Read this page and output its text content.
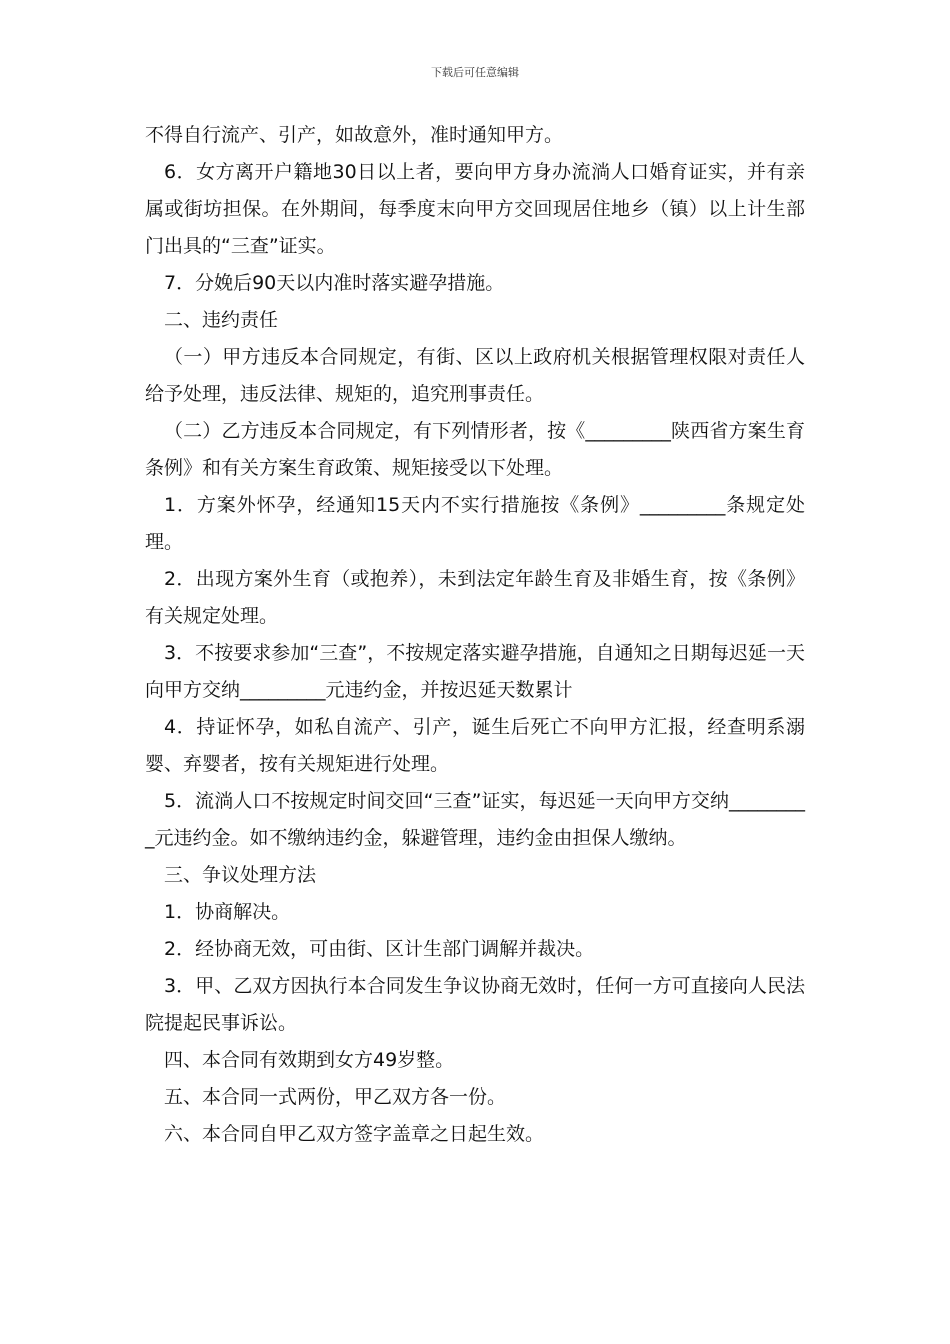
下载后可任意编辑

不得自行流产、引产，如故意外，准时通知甲方。

6．女方离开户籍地30日以上者，要向甲方身办流淌人口婚育证实，并有亲属或街坊担保。在外期间，每季度末向甲方交回现居住地乡（镇）以上计生部门出具的“三查”证实。

7．分娩后90天以内准时落实避孕措施。

二、违约责任

（一）甲方违反本合同规定，有街、区以上政府机关根据管理权限对责任人给予处理，违反法律、规矩的，追究刑事责任。

（二）乙方违反本合同规定，有下列情形者，按《_________陕西省方案生育条例》和有关方案生育政策、规矩接受以下处理。

1．方案外怀孕，经通知15天内不实行措施按《条例》_________条规定处理。

2．出现方案外生育（或抱养），未到法定年龄生育及非婚生育，按《条例》有关规定处理。

3．不按要求参加“三查”，不按规定落实避孕措施，自通知之日期每迟延一天向甲方交纳_________元违约金，并按迟延天数累计

4．持证怀孕，如私自流产、引产，诞生后死亡不向甲方汇报，经查明系溺婴、弃婴者，按有关规矩进行处理。

5．流淌人口不按规定时间交回“三查”证实，每迟延一天向甲方交纳_________元违约金。如不缴纳违约金，躲避管理，违约金由担保人缴纳。

三、争议处理方法

1．协商解决。

2．经协商无效，可由街、区计生部门调解并裁决。

3．甲、乙双方因执行本合同发生争议协商无效时，任何一方可直接向人民法院提起民事诉讼。

四、本合同有效期到女方49岁整。

五、本合同一式两份，甲乙双方各一份。

六、本合同自甲乙双方签字盖章之日起生效。
